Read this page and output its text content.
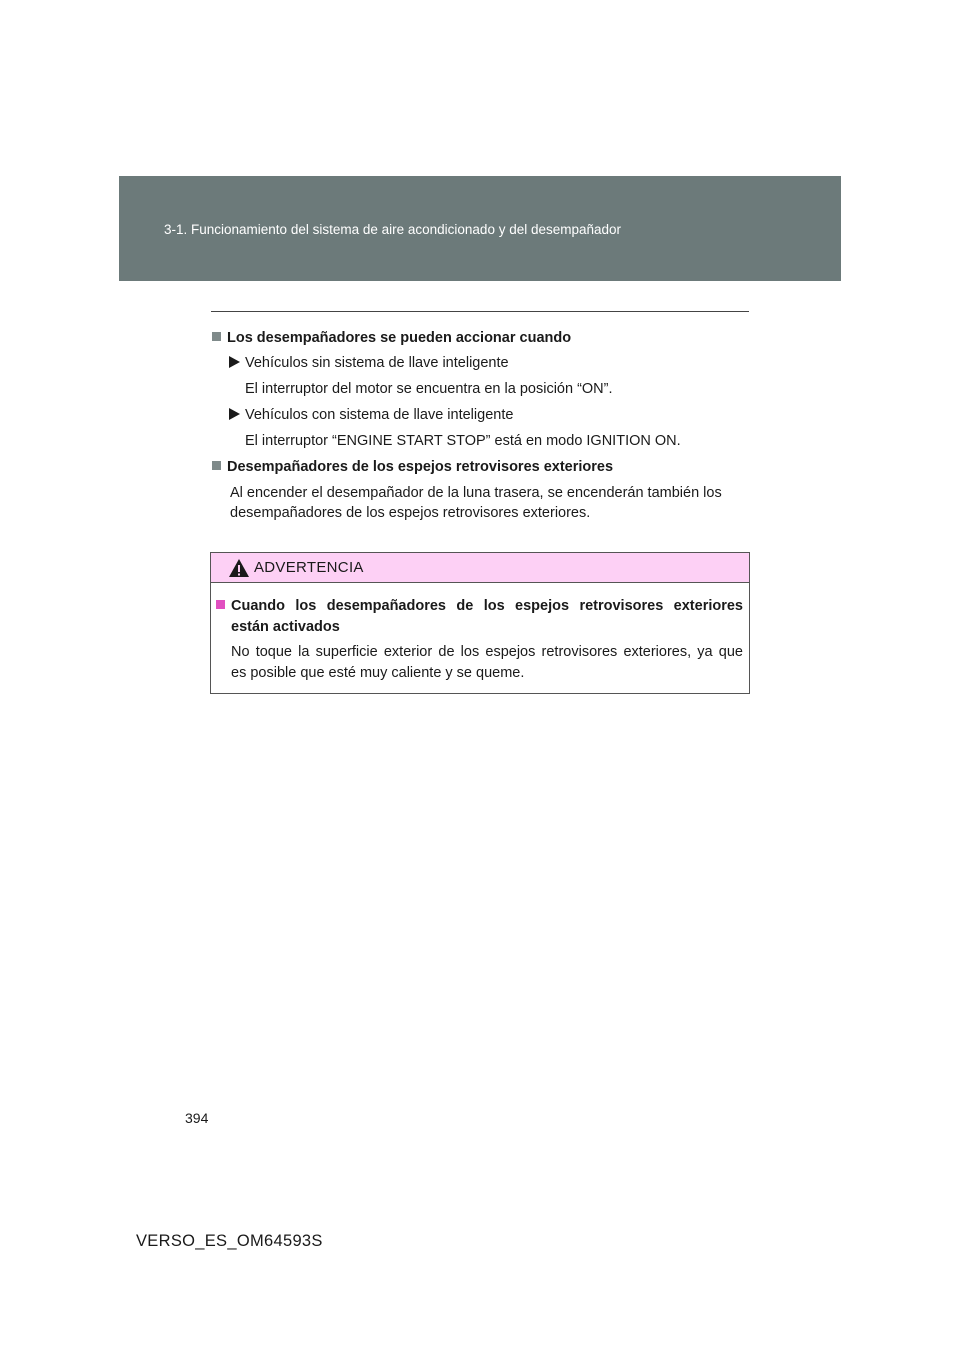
3-1. Funcionamiento del sistema de aire acondicionado y del desempañador
Los desempañadores se pueden accionar cuando
Vehículos sin sistema de llave inteligente
El interruptor del motor se encuentra en la posición “ON”.
Vehículos con sistema de llave inteligente
El interruptor “ENGINE START STOP” está en modo IGNITION ON.
Desempañadores de los espejos retrovisores exteriores
Al encender el desempañador de la luna trasera, se encenderán también los
desempañadores de los espejos retrovisores exteriores.
ADVERTENCIA
Cuando los desempañadores de los espejos retrovisores exteriores
están activados
No toque la superficie exterior de los espejos retrovisores exteriores, ya que
es posible que esté muy caliente y se queme.
394
VERSO_ES_OM64593S
